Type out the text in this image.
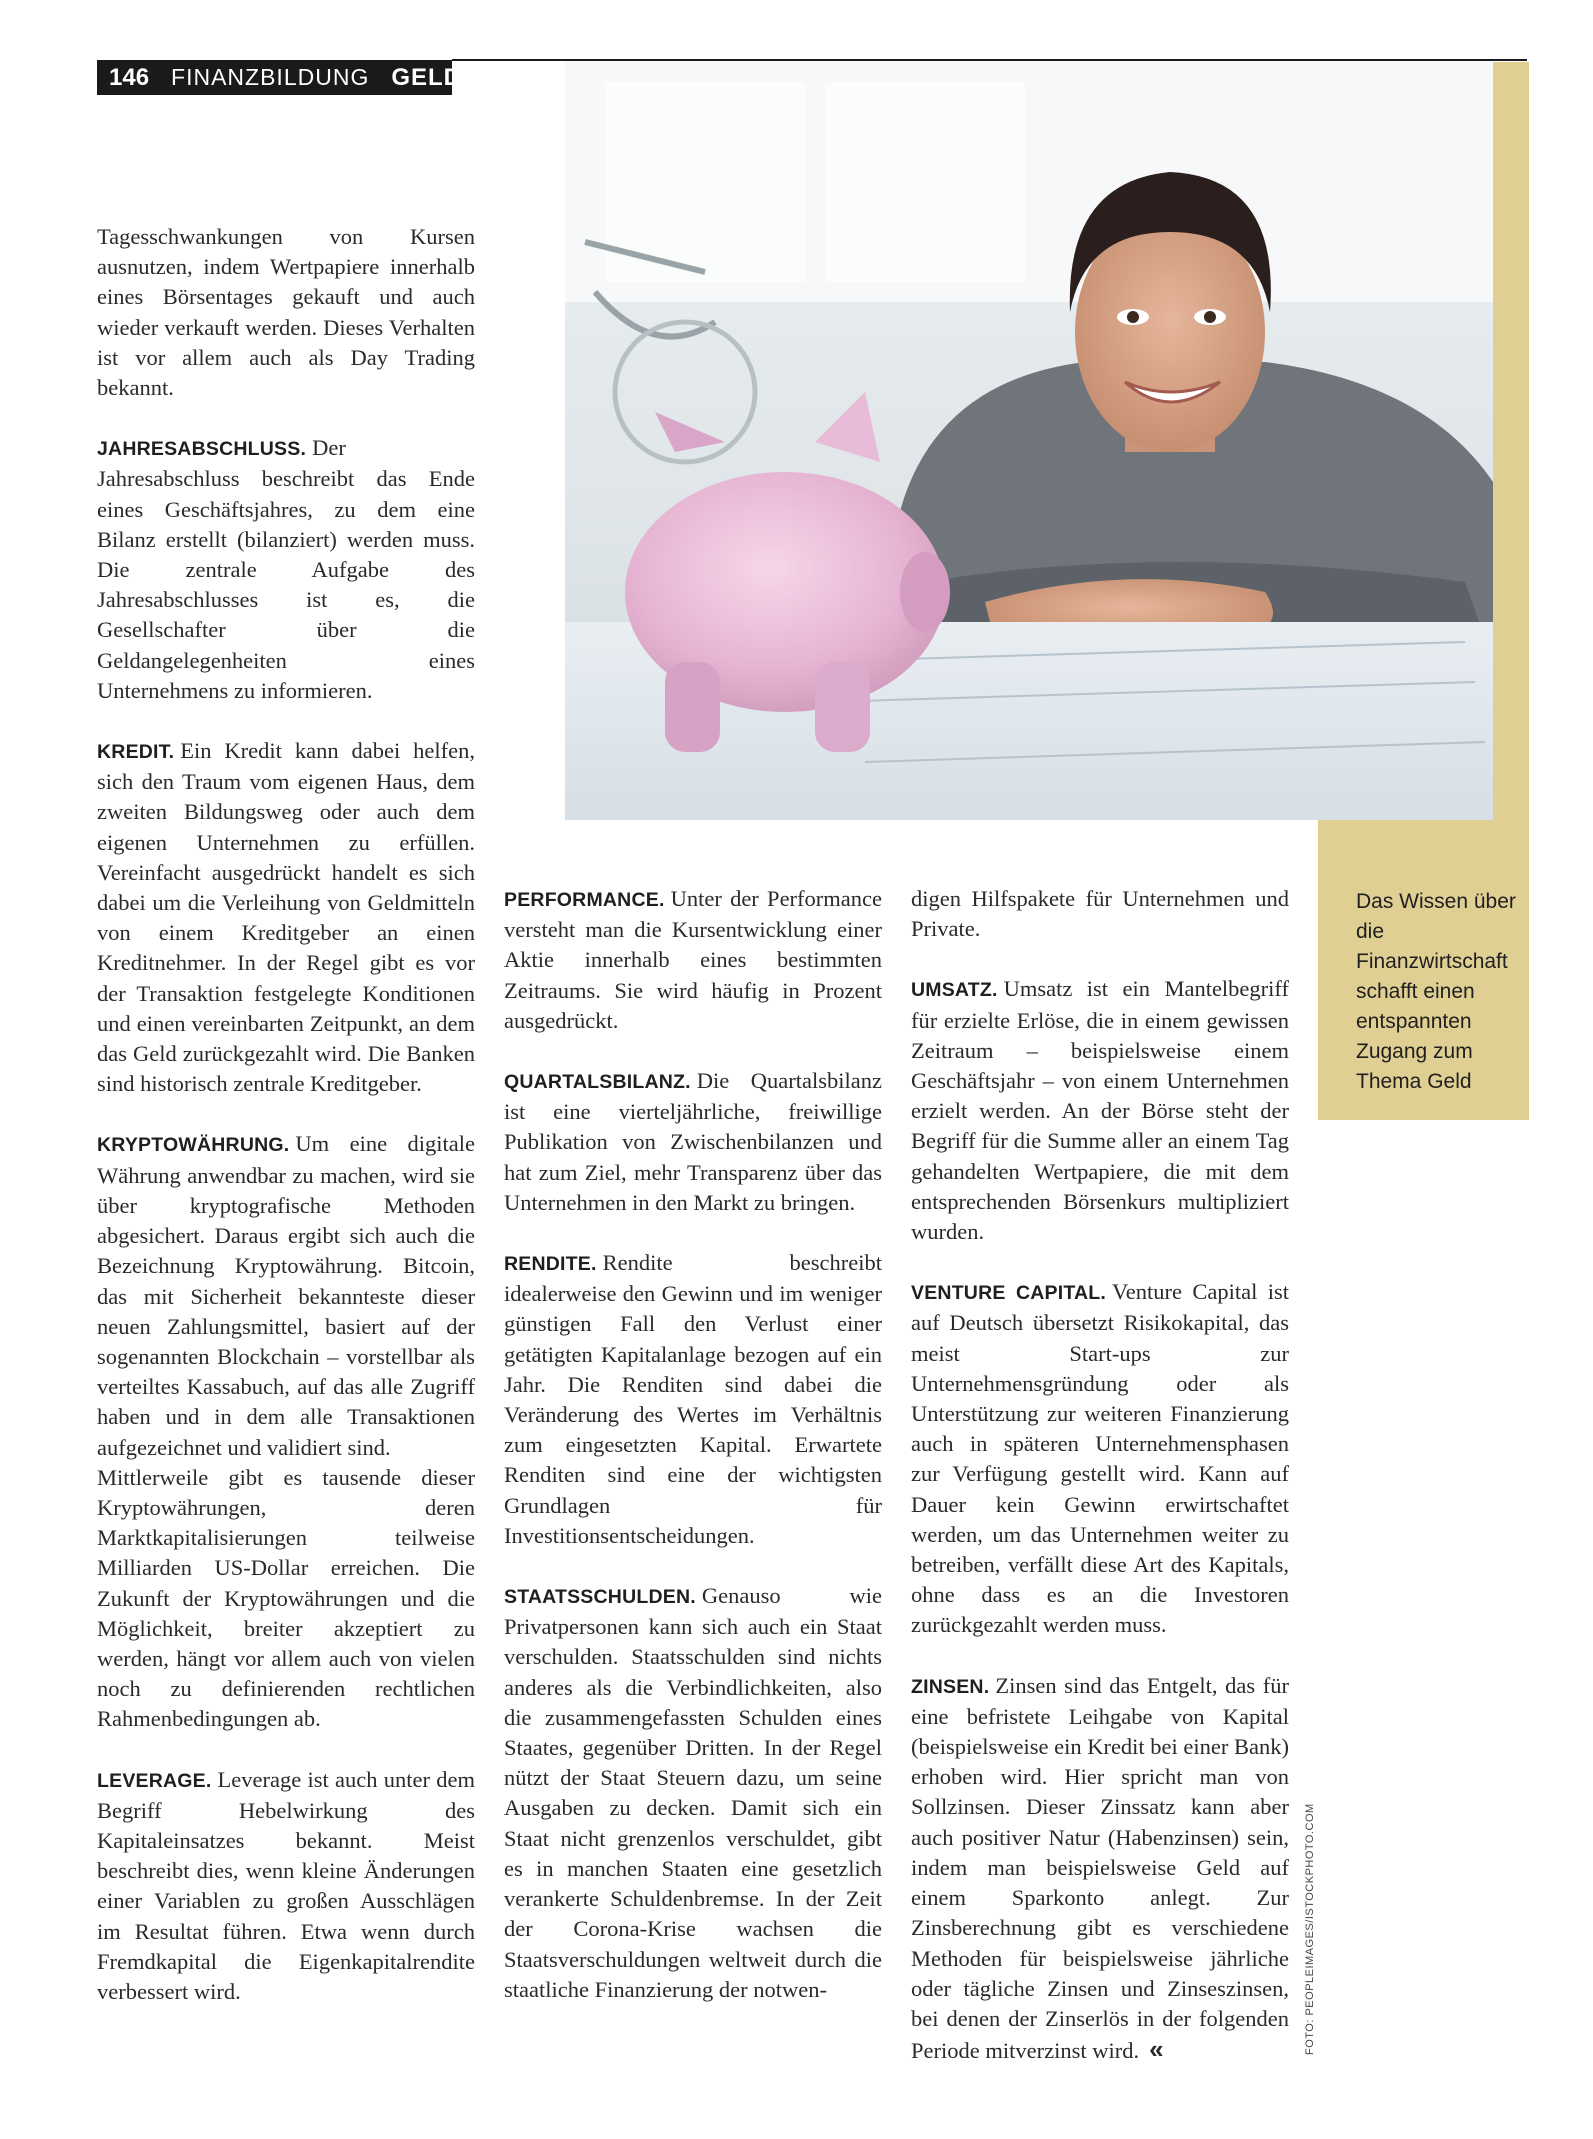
146 FINANZBILDUNG GELD
Das Wissen über die Finanzwirtschaft schafft einen entspannten Zugang zum Thema Geld

Tagesschwankungen von Kursen ausnutzen, indem Wertpapiere innerhalb eines Börsentages gekauft und auch wieder verkauft werden. Dieses Verhalten ist vor allem auch als Day Trading bekannt.

JAHRESABSCHLUSS. Der Jahresabschluss beschreibt das Ende eines Geschäftsjahres, zu dem eine Bilanz erstellt (bilanziert) werden muss. Die zentrale Aufgabe des Jahresabschlusses ist es, die Gesellschafter über die Geldangelegenheiten eines Unternehmens zu informieren.

KREDIT. Ein Kredit kann dabei helfen, sich den Traum vom eigenen Haus, dem zweiten Bildungsweg oder auch dem eigenen Unternehmen zu erfüllen. Vereinfacht ausgedrückt handelt es sich dabei um die Verleihung von Geldmitteln von einem Kreditgeber an einen Kreditnehmer. In der Regel gibt es vor der Transaktion festgelegte Konditionen und einen vereinbarten Zeitpunkt, an dem das Geld zurückgezahlt wird. Die Banken sind historisch zentrale Kreditgeber.

KRYPTOWÄHRUNG. Um eine digitale Währung anwendbar zu machen, wird sie über kryptografische Methoden abgesichert. Daraus ergibt sich auch die Bezeichnung Kryptowährung. Bitcoin, das mit Sicherheit bekannteste dieser neuen Zahlungsmittel, basiert auf der sogenannten Blockchain – vorstellbar als verteiltes Kassabuch, auf das alle Zugriff haben und in dem alle Transaktionen aufgezeichnet und validiert sind.

Mittlerweile gibt es tausende dieser Kryptowährungen, deren Marktkapitalisierungen teilweise Milliarden US-Dollar erreichen. Die Zukunft der Kryptowährungen und die Möglichkeit, breiter akzeptiert zu werden, hängt vor allem auch von vielen noch zu definierenden rechtlichen Rahmenbedingungen ab.

LEVERAGE. Leverage ist auch unter dem Begriff Hebelwirkung des Kapitaleinsatzes bekannt. Meist beschreibt dies, wenn kleine Änderungen einer Variablen zu großen Ausschlägen im Resultat führen. Etwa wenn durch Fremdkapital die Eigenkapitalrendite verbessert wird.

PERFORMANCE. Unter der Performance versteht man die Kursentwicklung einer Aktie innerhalb eines bestimmten Zeitraums. Sie wird häufig in Prozent ausgedrückt.

QUARTALSBILANZ. Die Quartalsbilanz ist eine vierteljährliche, freiwillige Publikation von Zwischenbilanzen und hat zum Ziel, mehr Transparenz über das Unternehmen in den Markt zu bringen.

RENDITE. Rendite beschreibt idealerweise den Gewinn und im weniger günstigen Fall den Verlust einer getätigten Kapitalanlage bezogen auf ein Jahr. Die Renditen sind dabei die Veränderung des Wertes im Verhältnis zum eingesetzten Kapital. Erwartete Renditen sind eine der wichtigsten Grundlagen für Investitionsentscheidungen.

STAATSSCHULDEN. Genauso wie Privatpersonen kann sich auch ein Staat verschulden. Staatsschulden sind nichts anderes als die Verbindlichkeiten, also die zusammengefassten Schulden eines Staates, gegenüber Dritten. In der Regel nützt der Staat Steuern dazu, um seine Ausgaben zu decken. Damit sich ein Staat nicht grenzenlos verschuldet, gibt es in manchen Staaten eine gesetzlich verankerte Schuldenbremse. In der Zeit der Corona-Krise wachsen die Staatsverschuldungen weltweit durch die staatliche Finanzierung der notwen-

digen Hilfspakete für Unternehmen und Private.

UMSATZ. Umsatz ist ein Mantelbegriff für erzielte Erlöse, die in einem gewissen Zeitraum – beispielsweise einem Geschäftsjahr – von einem Unternehmen erzielt werden. An der Börse steht der Begriff für die Summe aller an einem Tag gehandelten Wertpapiere, die mit dem entsprechenden Börsenkurs multipliziert wurden.

VENTURE CAPITAL. Venture Capital ist auf Deutsch übersetzt Risikokapital, das meist Start-ups zur Unternehmensgründung oder als Unterstützung zur weiteren Finanzierung auch in späteren Unternehmensphasen zur Verfügung gestellt wird. Kann auf Dauer kein Gewinn erwirtschaftet werden, um das Unternehmen weiter zu betreiben, verfällt diese Art des Kapitals, ohne dass es an die Investoren zurückgezahlt werden muss.

ZINSEN. Zinsen sind das Entgelt, das für eine befristete Leihgabe von Kapital (beispielsweise ein Kredit bei einer Bank) erhoben wird. Hier spricht man von Sollzinsen. Dieser Zinssatz kann aber auch positiver Natur (Habenzinsen) sein, indem man beispielsweise Geld auf einem Sparkonto anlegt. Zur Zinsberechnung gibt es verschiedene Methoden für beispielsweise jährliche oder tägliche Zinsen und Zinseszinsen, bei denen der Zinserlös in der folgenden Periode mitverzinst wird. «	FOTO: PEOPLEIMAGES/ISTOCKPHOTO.COM
